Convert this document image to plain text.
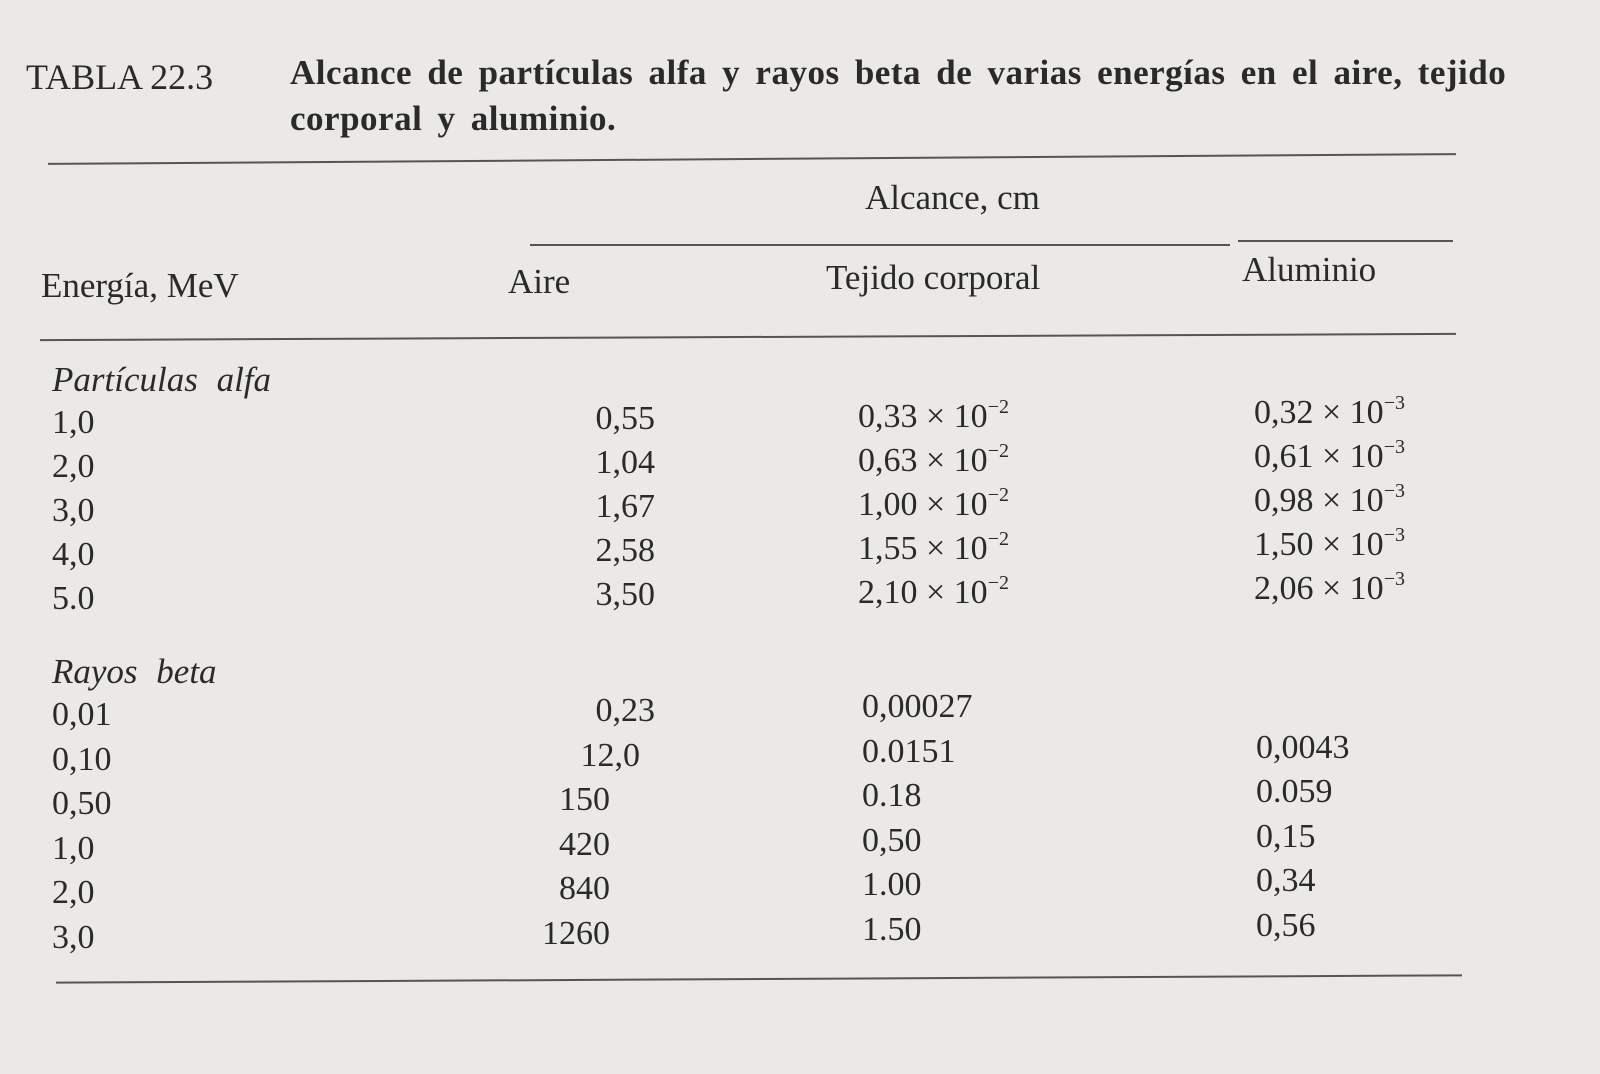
TABLA 22.3 Alcance de partículas alfa y rayos beta de varias energías en el aire, tejido corporal y aluminio.
Alcance, cm
Energía, MeV	Aire	Tejido corporal	Aluminio
Partículas alfa
1,0	0,55	$0,33 \times 10^{-2}$	$0,32 \times 10^{-3}$
2,0	1,04	$0,63 \times 10^{-2}$	$0,61 \times 10^{-3}$
3,0	1,67	$1,00 \times 10^{-2}$	$0,98 \times 10^{-3}$
4,0	2,58	$1,55 \times 10^{-2}$	$1,50 \times 10^{-3}$
5.0	3,50	$2,10 \times 10^{-2}$	$2,06 \times 10^{-3}$
Rayos beta
0,01	0,23	0,00027
0,10	12,0	0.0151	0,0043
0,50	150	0.18	0.059
1,0	420	0,50	0,15
2,0	840	1.00	0,34
3,0	1260	1.50	0,56
